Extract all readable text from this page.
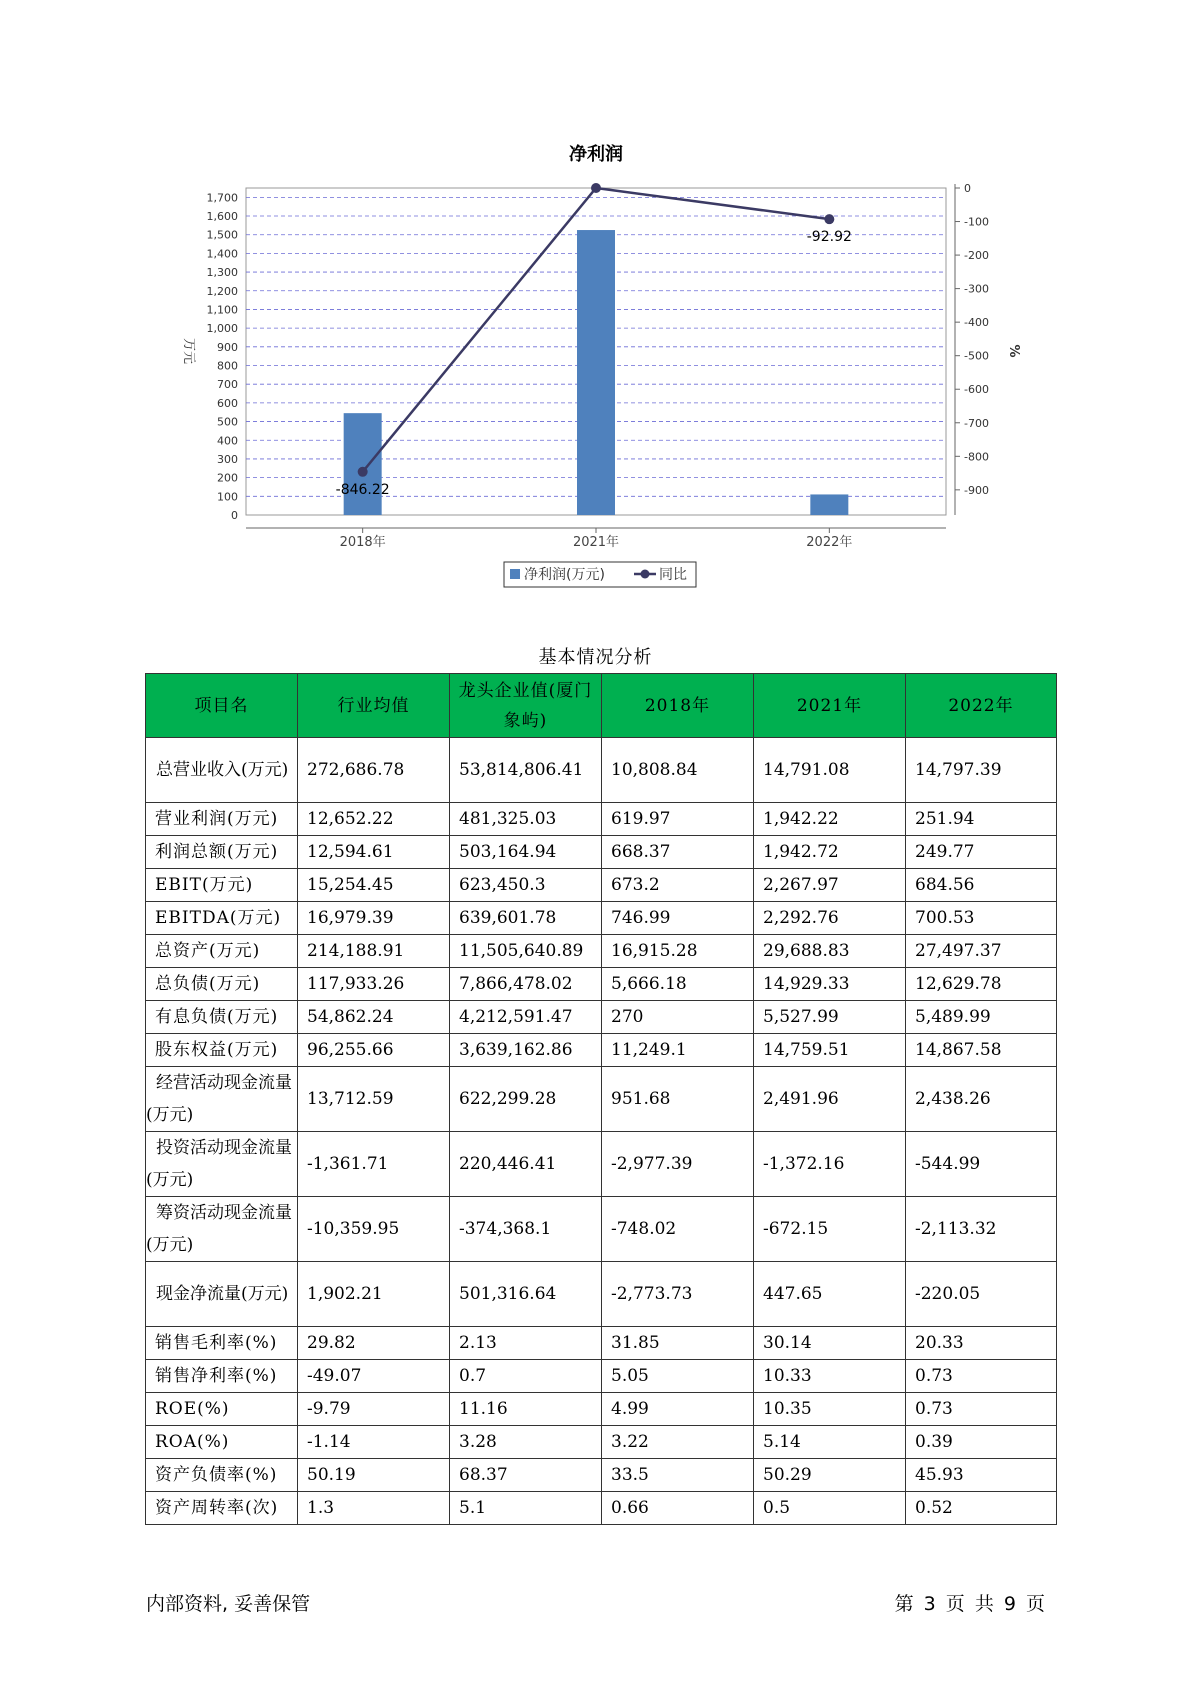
净利润
0
100
200
300
400
500
600
700
800
900
1,000
1,100
1,200
1,300
1,400
1,500
1,600
1,700
0
-100
-200
-300
-400
-500
-600
-700
-800
-900
2018年	2021年	2022年
万元	%
-846.22
-92.92
净利润(万元)	同比
基本情况分析
项目名	行业均值	龙头企业值(厦门象屿)	2018年	2021年	2022年

总营业收入(万元)	272,686.78	53,814,806.41	10,808.84	14,791.08	14,797.39
营业利润(万元)	12,652.22	481,325.03	619.97	1,942.22	251.94
利润总额(万元)	12,594.61	503,164.94	668.37	1,942.72	249.77
EBIT(万元)	15,254.45	623,450.3	673.2	2,267.97	684.56
EBITDA(万元)	16,979.39	639,601.78	746.99	2,292.76	700.53
总资产(万元)	214,188.91	11,505,640.89	16,915.28	29,688.83	27,497.37
总负债(万元)	117,933.26	7,866,478.02	5,666.18	14,929.33	12,629.78
有息负债(万元)	54,862.24	4,212,591.47	270	5,527.99	5,489.99
股东权益(万元)	96,255.66	3,639,162.86	11,249.1	14,759.51	14,867.58

经营活动现金流量(万元)	13,712.59	622,299.28	951.68	2,491.96	2,438.26

投资活动现金流量(万元)	-1,361.71	220,446.41	-2,977.39	-1,372.16	-544.99

筹资活动现金流量(万元)	-10,359.95	-374,368.1	-748.02	-672.15	-2,113.32

现金净流量(万元)	1,902.21	501,316.64	-2,773.73	447.65	-220.05
销售毛利率(%)	29.82	2.13	31.85	30.14	20.33
销售净利率(%)	-49.07	0.7	5.05	10.33	0.73
ROE(%)	-9.79	11.16	4.99	10.35	0.73
ROA(%)	-1.14	3.28	3.22	5.14	0.39
资产负债率(%)	50.19	68.37	33.5	50.29	45.93
资产周转率(次)	1.3	5.1	0.66	0.5	0.52
内部资料, 妥善保管	第 3 页 共 9 页
